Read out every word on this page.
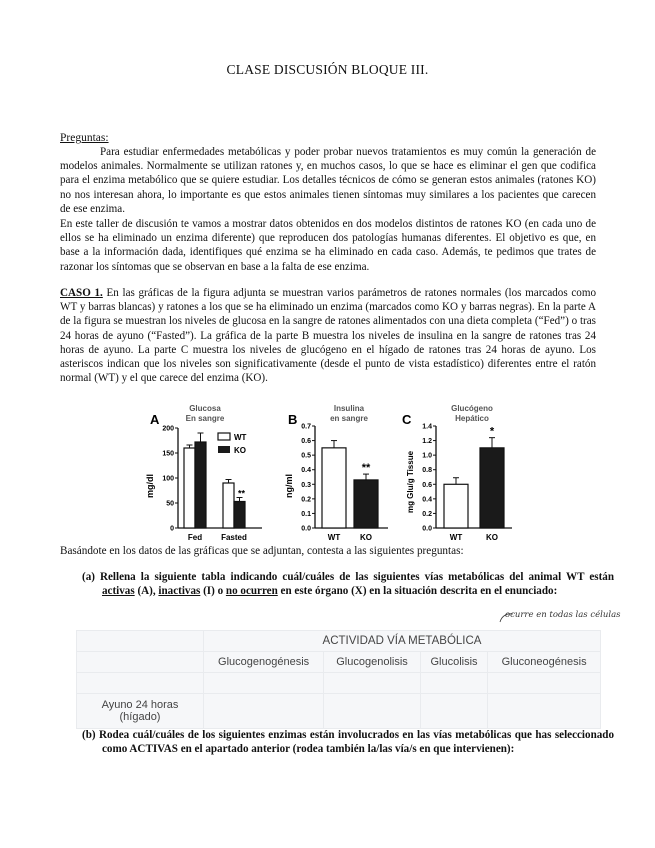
CLASE DISCUSIÓN BLOQUE III.
Preguntas:

Para estudiar enfermedades metabólicas y poder probar nuevos tratamientos es muy común la generación de modelos animales. Normalmente se utilizan ratones y, en muchos casos, lo que se hace es eliminar el gen que codifica para el enzima metabólico que se quiere estudiar. Los detalles técnicos de cómo se generan estos animales (ratones KO) no nos interesan ahora, lo importante es que estos animales tienen síntomas muy similares a los pacientes que carecen de ese enzima.

En este taller de discusión te vamos a mostrar datos obtenidos en dos modelos distintos de ratones KO (en cada uno de ellos se ha eliminado un enzima diferente) que reproducen dos patologías humanas diferentes. El objetivo es que, en base a la información dada, identifiques qué enzima se ha eliminado en cada caso. Además, te pedimos que trates de razonar los síntomas que se observan en base a la falta de ese enzima.

CASO 1. En las gráficas de la figura adjunta se muestran varios parámetros de ratones normales (los marcados como WT y barras blancas) y ratones a los que se ha eliminado un enzima (marcados como KO y barras negras). En la parte A de la figura se muestran los niveles de glucosa en la sangre de ratones alimentados con una dieta completa (“Fed”) o tras 24 horas de ayuno (“Fasted”). La gráfica de la parte B muestra los niveles de insulina en la sangre de ratones tras 24 horas de ayuno. La parte C muestra los niveles de glucógeno en el hígado de ratones tras 24 horas de ayuno. Los asteriscos indican que los niveles son significativamente (desde el punto de vista estadístico) diferentes entre el ratón normal (WT) y el que carece del enzima (KO).

A
Glucosa
En sangre
mg/dl
0
50
100
150
200
Fed Fasted
**
WT
KO
B
Insulina
en sangre
ng/ml
0.0
0.1
0.2
0.3
0.4
0.5
0.6
0.7
WT KO
**
C
Glucógeno
Hepático
mg Glu/g Tissue
0.0
0.2
0.4
0.6
0.8
1.0
1.2
1.4
WT	KO
*
Basándote en los datos de las gráficas que se adjuntan, contesta a las siguientes preguntas:

(a) Rellena la siguiente tabla indicando cuál/cuáles de las siguientes vías metabólicas del animal WT están activas (A), inactivas (I) o no ocurren en este órgano (X) en la situación descrita en el enunciado:

ocurre en todas las células
	ACTIVIDAD VÍA METABÓLICA			
	Glucogenogénesis	Glucogenolisis	Glucolisis	Gluconeogénesis

Ayuno 24 horas
(hígado)				

(b) Rodea cuál/cuáles de los siguientes enzimas están involucrados en las vías metabólicas que has seleccionado como ACTIVAS en el apartado anterior (rodea también la/las vía/s en que intervienen):
